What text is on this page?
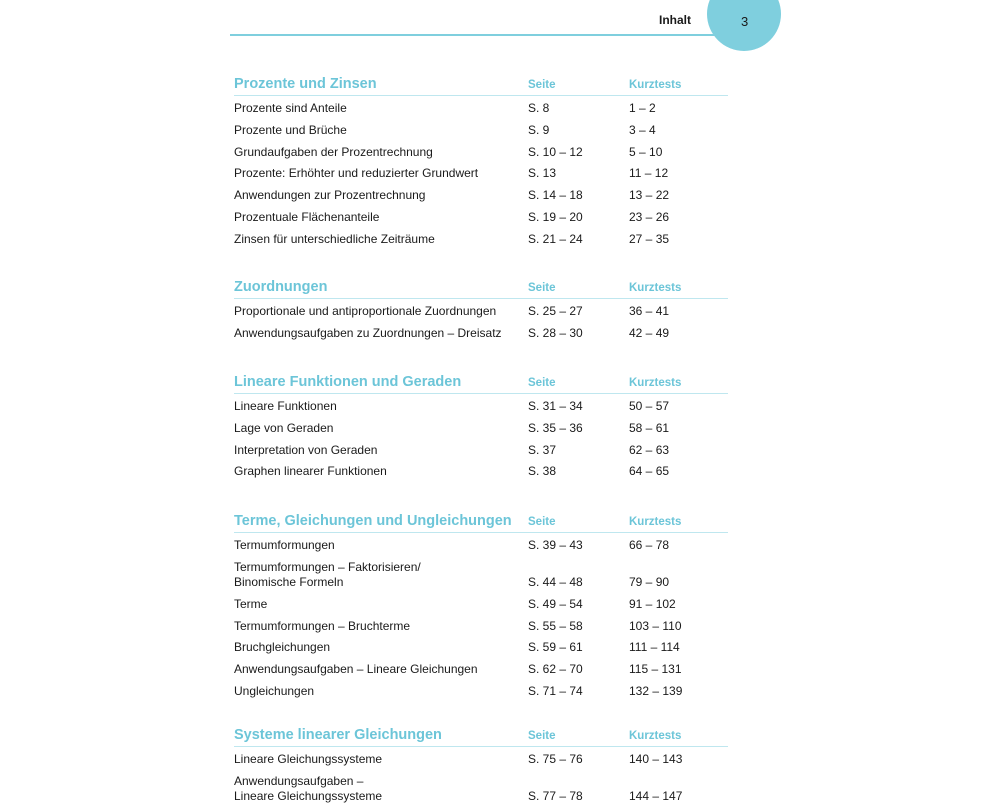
Inhalt	3
Prozente und Zinsen	Seite	Kurztests
Prozente sind Anteile	S. 8	1 – 2
Prozente und Brüche	S. 9	3 – 4
Grundaufgaben der Prozentrechnung	S. 10 – 12	5 – 10
Prozente: Erhöhter und reduzierter Grundwert	S. 13	11 – 12
Anwendungen zur Prozentrechnung	S. 14 – 18	13 – 22
Prozentuale Flächenanteile	S. 19 – 20	23 – 26
Zinsen für unterschiedliche Zeiträume	S. 21 – 24	27 – 35
Zuordnungen	Seite	Kurztests
Proportionale und antiproportionale Zuordnungen	S. 25 – 27	36 – 41
Anwendungsaufgaben zu Zuordnungen – Dreisatz S. 28 – 30	42 – 49
Lineare Funktionen und Geraden	Seite	Kurztests
Lineare Funktionen	S. 31 – 34	50 – 57
Lage von Geraden	S. 35 – 36	58 – 61
Interpretation von Geraden	S. 37	62 – 63
Graphen linearer Funktionen	S. 38	64 – 65
Terme, Gleichungen und Ungleichungen Seite	Kurztests
Termumformungen	S. 39 – 43	66 – 78
Termumformungen – Faktorisieren/
Binomische Formeln	S. 44 – 48	79 – 90
Terme	S. 49 – 54	91 – 102
Termumformungen – Bruchterme	S. 55 – 58	103 – 110
Bruchgleichungen	S. 59 – 61	111 – 114
Anwendungsaufgaben – Lineare Gleichungen	S. 62 – 70	115 – 131
Ungleichungen	S. 71 – 74	132 – 139
Systeme linearer Gleichungen	Seite	Kurztests
Lineare Gleichungssysteme	S. 75 – 76	140 – 143
Anwendungsaufgaben –
Lineare Gleichungssysteme	S. 77 – 78	144 – 147
